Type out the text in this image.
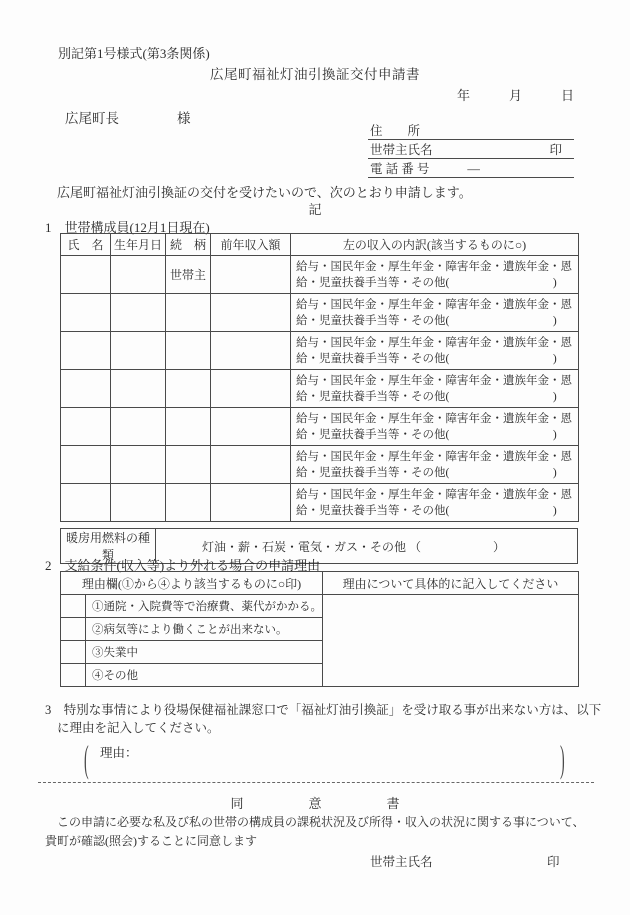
別記第1号様式(第3条関係)
広尾町福祉灯油引換証交付申請書
年　　　月　　　日
広尾町長	様
住　　所
世帯主氏名	印
電 話 番 号	―
広尾町福祉灯油引換証の交付を受けたいので、次のとおり申請します。
記
1　世帯構成員(12月1日現在)
氏　名	生年月日	続　柄	前年収入額	左の収入の内訳(該当するものに○)
		世帯主		給与・国民年金・厚生年金・障害年金・遺族年金・恩給・児童扶養手当等・その他(　　　　　　　　　)
				給与・国民年金・厚生年金・障害年金・遺族年金・恩給・児童扶養手当等・その他(　　　　　　　　　)
				給与・国民年金・厚生年金・障害年金・遺族年金・恩給・児童扶養手当等・その他(　　　　　　　　　)
				給与・国民年金・厚生年金・障害年金・遺族年金・恩給・児童扶養手当等・その他(　　　　　　　　　)
				給与・国民年金・厚生年金・障害年金・遺族年金・恩給・児童扶養手当等・その他(　　　　　　　　　)
				給与・国民年金・厚生年金・障害年金・遺族年金・恩給・児童扶養手当等・その他(　　　　　　　　　)
				給与・国民年金・厚生年金・障害年金・遺族年金・恩給・児童扶養手当等・その他(　　　　　　　　　)
暖房用燃料の種類	灯油・薪・石炭・電気・ガス・その他 （　　　　　　）
2　支給条件(収入等)より外れる場合の申請理由
理由欄(①から④より該当するものに○印)		理由について具体的に記入してください
	①通院・入院費等で治療費、薬代がかかる。	
	②病気等により働くことが出来ない。	
	③失業中	
	④その他	
3　特別な事情により役場保健福祉課窓口で「福祉灯油引換証」を受け取る事が出来ない方は、以下
に理由を記入してください。
( 理由：	)
同　　　　　意　　　　　書
　この申請に必要な私及び私の世帯の構成員の課税状況及び所得・収入の状況に関する事について、
貴町が確認(照会)することに同意します
世帯主氏名	印
